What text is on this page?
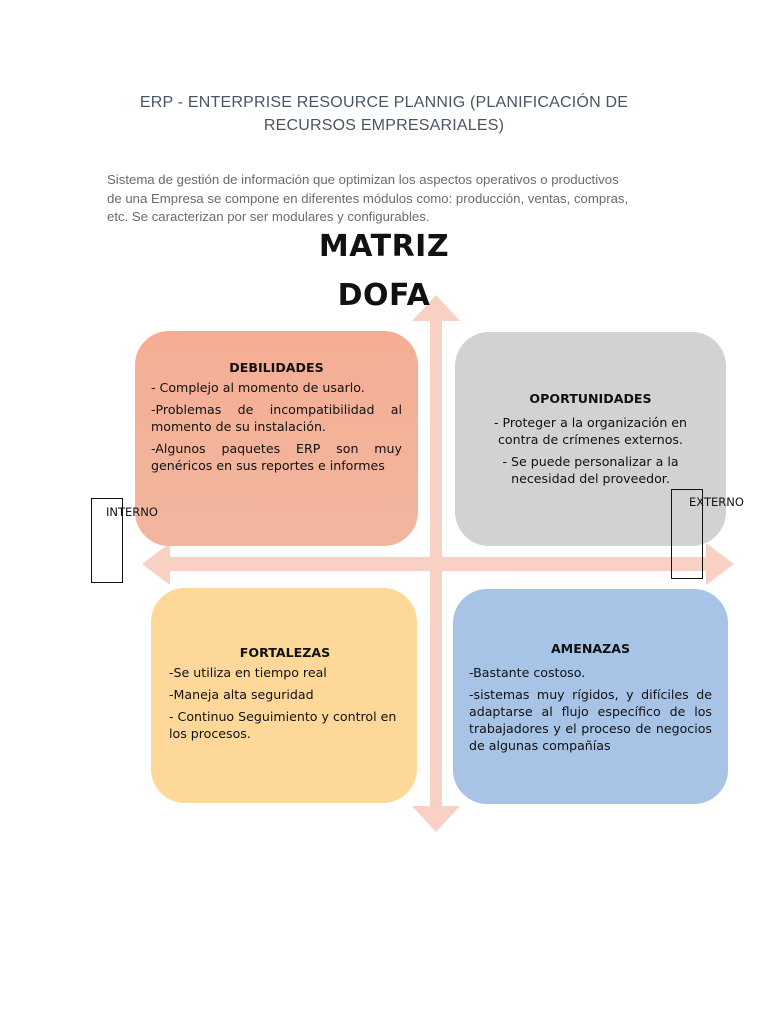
ERP - ENTERPRISE RESOURCE PLANNIG (PLANIFICACIÓN DE
RECURSOS EMPRESARIALES)
Sistema de gestión de información que optimizan los aspectos operativos o productivos
de una Empresa se compone en diferentes módulos como: producción, ventas, compras,
etc. Se caracterizan por ser modulares y configurables.
MATRIZ
DOFA
DEBILIDADES

- Complejo al momento de usarlo.

-Problemas de incompatibilidad al momento de su instalación.

-Algunos paquetes ERP son muy genéricos en sus reportes e informes

OPORTUNIDADES

- Proteger a la organización en contra de crímenes externos.

- Se puede personalizar a la necesidad del proveedor.

FORTALEZAS

-Se utiliza en tiempo real

-Maneja alta seguridad

- Continuo Seguimiento y control en los procesos.

AMENAZAS

-Bastante costoso.

-sistemas muy rígidos, y difíciles de adaptarse al flujo específico de los trabajadores y el proceso de negocios de algunas compañías

INTERNO
EXTERNO
